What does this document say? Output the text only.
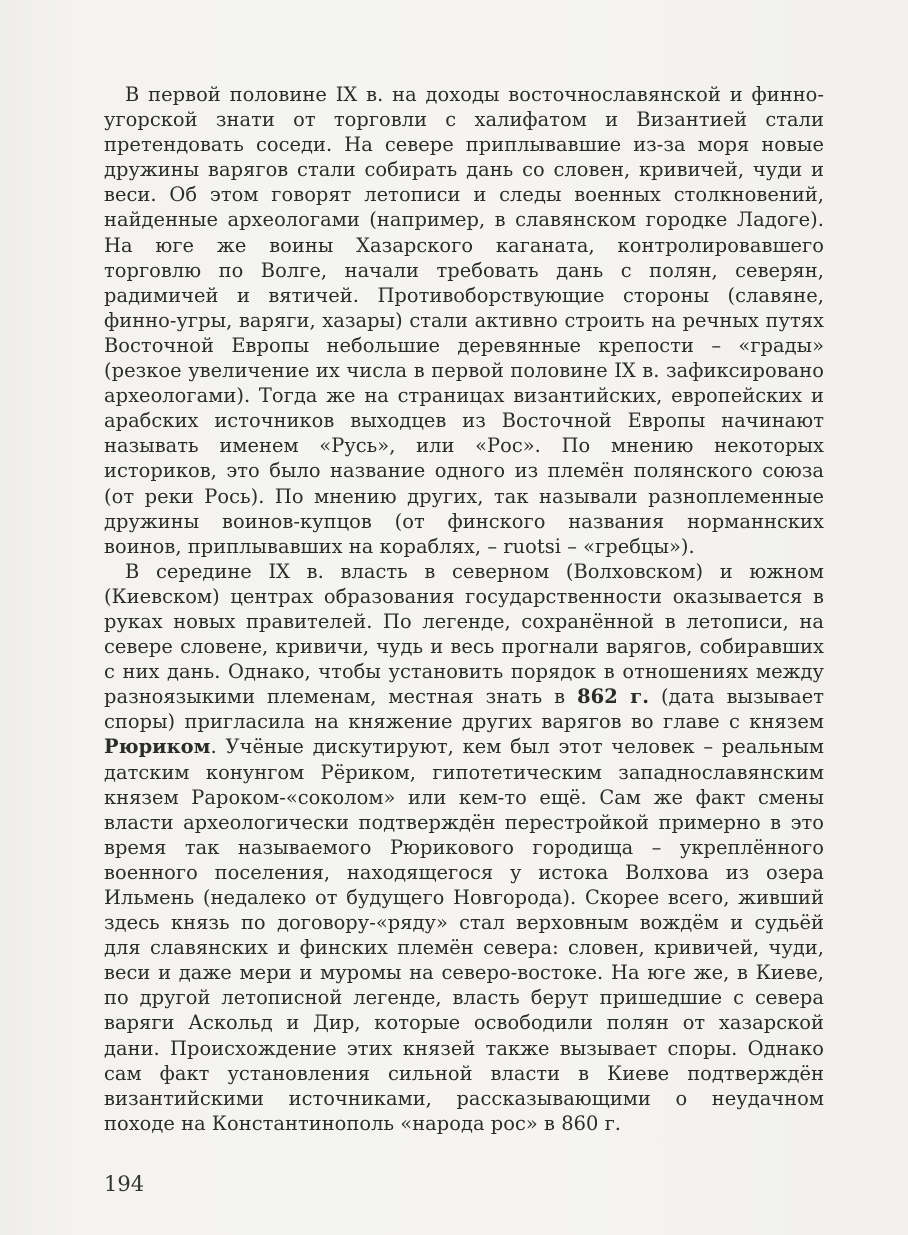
В первой половине IX в. на доходы восточнославянской и финно-угорской знати от торговли с халифатом и Византией стали претендовать соседи. На севере приплывавшие из-за моря новые дружины варягов стали собирать дань со словен, кривичей, чуди и веси. Об этом говорят летописи и следы военных столкновений, найденные археологами (например, в славянском городке Ладоге). На юге же воины Хазарского каганата, контролировавшего торговлю по Волге, начали требовать дань с полян, северян, радимичей и вятичей. Противоборствующие стороны (славяне, финно-угры, варяги, хазары) стали активно строить на речных путях Восточной Европы небольшие деревянные крепости – «грады» (резкое увеличение их числа в первой половине IX в. зафиксировано археологами). Тогда же на страницах византийских, европейских и арабских источников выходцев из Восточной Европы начинают называть именем «Русь», или «Рос». По мнению некоторых историков, это было название одного из племён полянского союза (от реки Рось). По мнению других, так называли разноплеменные дружины воинов-купцов (от финского названия норманнских воинов, приплывавших на кораблях, – ruotsi – «гребцы»).

В середине IX в. власть в северном (Волховском) и южном (Киевском) центрах образования государственности оказывается в руках новых правителей. По легенде, сохранённой в летописи, на севере словене, кривичи, чудь и весь прогнали варягов, собиравших с них дань. Однако, чтобы установить порядок в отношениях между разноязыкими племенам, местная знать в 862 г. (дата вызывает споры) пригласила на княжение других варягов во главе с князем Рюриком. Учёные дискутируют, кем был этот человек – реальным датским конунгом Рёриком, гипотетическим западнославянским князем Рароком-«соколом» или кем-то ещё. Сам же факт смены власти археологически подтверждён перестройкой примерно в это время так называемого Рюрикового городища – укреплённого военного поселения, находящегося у истока Волхова из озера Ильмень (недалеко от будущего Новгорода). Скорее всего, живший здесь князь по договору-«ряду» стал верховным вождём и судьёй для славянских и финских племён севера: словен, кривичей, чуди, веси и даже мери и муромы на северо-востоке. На юге же, в Киеве, по другой летописной легенде, власть берут пришедшие с севера варяги Аскольд и Дир, которые освободили полян от хазарской дани. Происхождение этих князей также вызывает споры. Однако сам факт установления сильной власти в Киеве подтверждён византийскими источниками, рассказывающими о неудачном походе на Константинополь «народа рос» в 860 г.

194
